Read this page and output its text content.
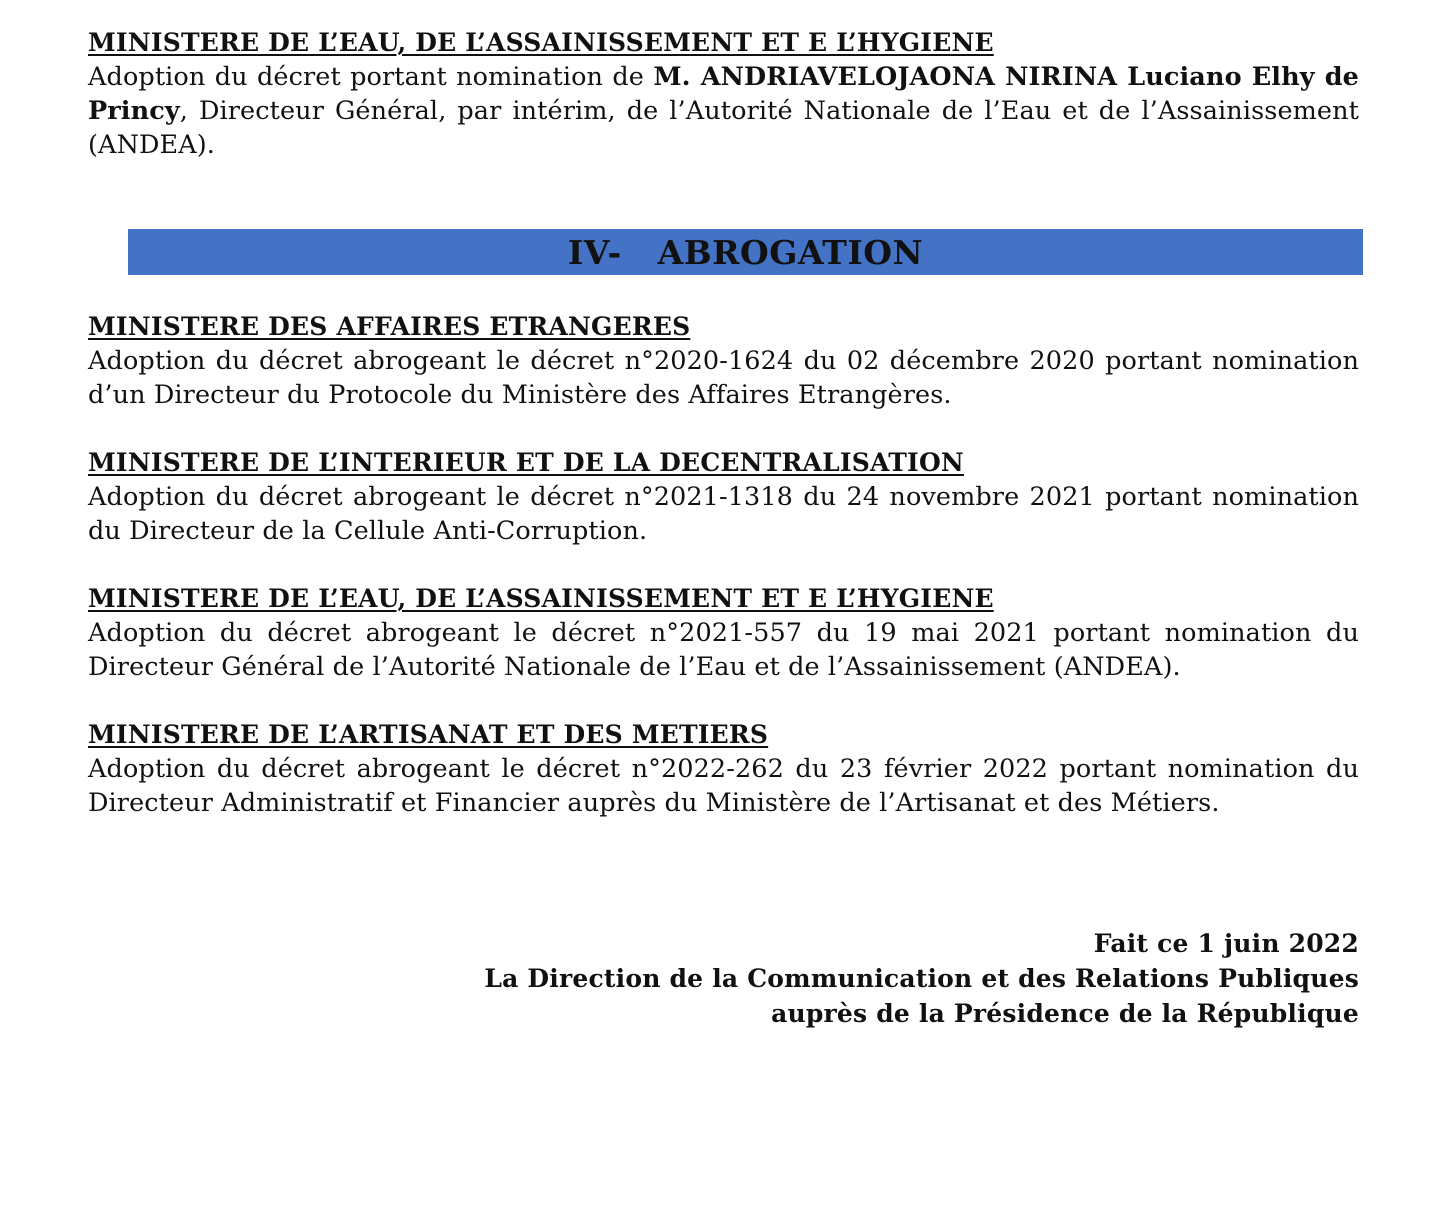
MINISTERE DE L’EAU, DE L’ASSAINISSEMENT ET E L’HYGIENE
Adoption du décret portant nomination de M. ANDRIAVELOJAONA NIRINA Luciano Elhy de Princy, Directeur Général, par intérim, de l’Autorité Nationale de l’Eau et de l’Assainissement (ANDEA).
IV-
ABROGATION
MINISTERE DES AFFAIRES ETRANGERES
Adoption du décret abrogeant le décret n°2020-1624 du 02 décembre 2020 portant nomination d’un Directeur du Protocole du Ministère des Affaires Etrangères.
MINISTERE DE L’INTERIEUR ET DE LA DECENTRALISATION
Adoption du décret abrogeant le décret n°2021-1318 du 24 novembre 2021 portant nomination du Directeur de la Cellule Anti-Corruption.
MINISTERE DE L’EAU, DE L’ASSAINISSEMENT ET E L’HYGIENE
Adoption du décret abrogeant le décret n°2021-557 du 19 mai 2021 portant nomination du Directeur Général de l’Autorité Nationale de l’Eau et de l’Assainissement (ANDEA).
MINISTERE DE L’ARTISANAT ET DES METIERS
Adoption du décret abrogeant le décret n°2022-262 du 23 février 2022 portant nomination du Directeur Administratif et Financier auprès du Ministère de l’Artisanat et des Métiers.
Fait ce 1 juin 2022
La Direction de la Communication et des Relations Publiques
auprès de la Présidence de la République
